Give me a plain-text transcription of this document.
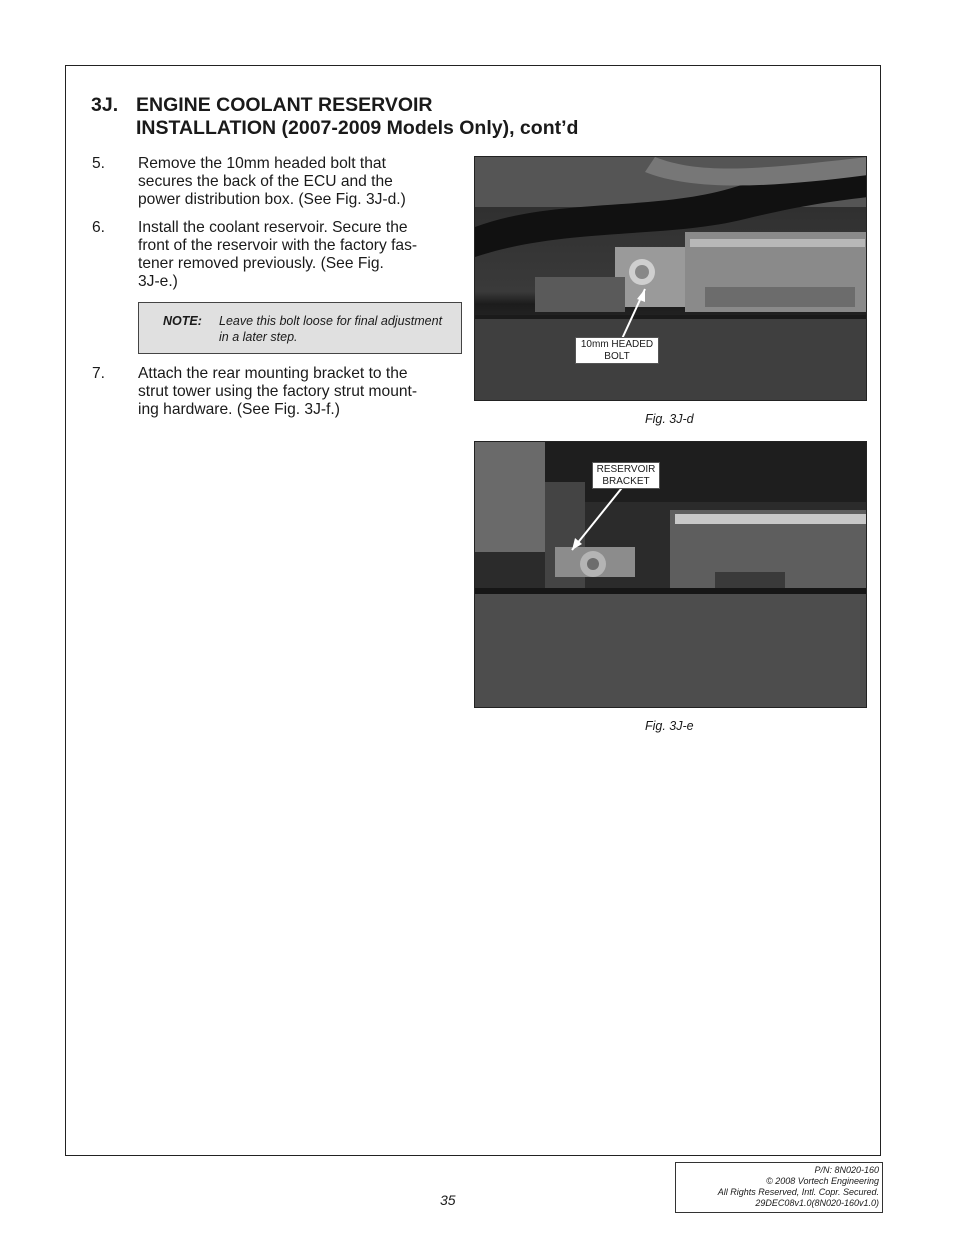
3J. ENGINE COOLANT RESERVOIR
INSTALLATION (2007-2009 Models Only), cont’d
5. Remove the 10mm headed bolt that
secures the back of the ECU and the
power distribution box. (See Fig. 3J-d.)
6. Install the coolant reservoir. Secure the
front of the reservoir with the factory fas-
tener removed previously. (See Fig.
3J-e.)
NOTE: Leave this bolt loose for final adjustment
in a later step.
7. Attach the rear mounting bracket to the
strut tower using the factory strut mount-
ing hardware. (See Fig. 3J-f.)
10mm HEADED
BOLT
Fig. 3J-d
RESERVOIR
BRACKET
Fig. 3J-e
35
P/N: 8N020-160
© 2008 Vortech Engineering
All Rights Reserved, Intl. Copr. Secured.
29DEC08v1.0(8N020-160v1.0)
